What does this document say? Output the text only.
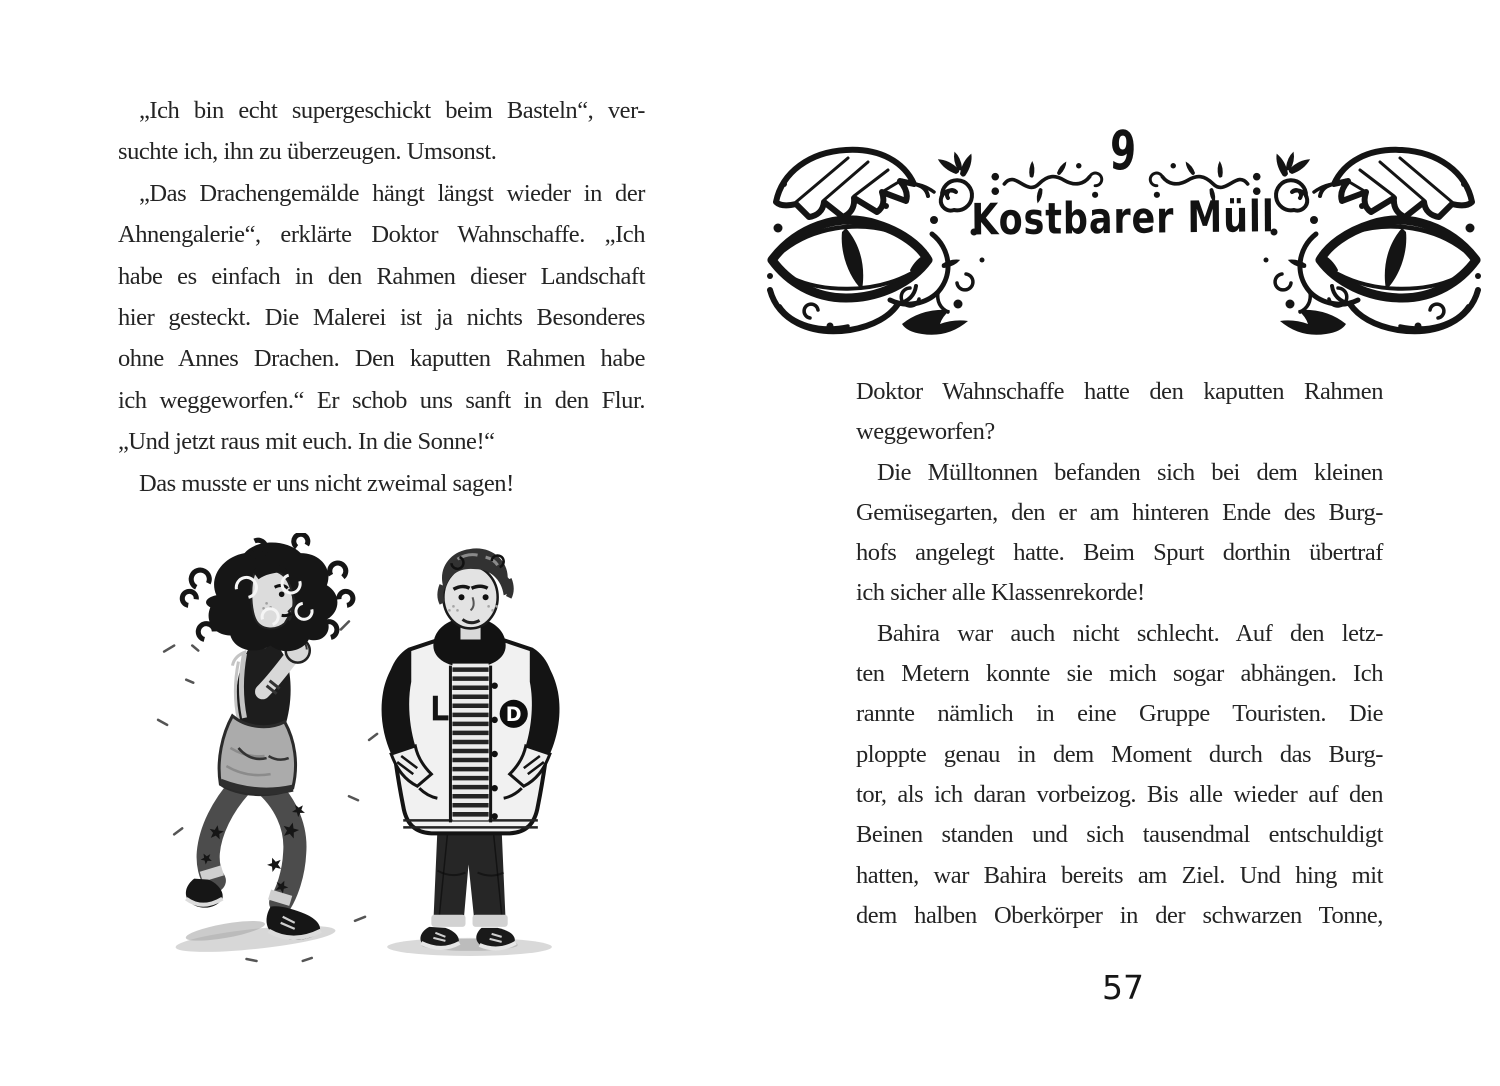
„Ich bin echt supergeschickt beim Basteln“, ver-
suchte ich, ihn zu überzeugen. Umsonst.
„Das Drachengemälde hängt längst wieder in der
Ahnengalerie“, erklärte Doktor Wahnschaffe. „Ich
habe es einfach in den Rahmen dieser Landschaft
hier gesteckt. Die Malerei ist ja nichts Besonderes
ohne Annes Drachen. Den kaputten Rahmen habe
ich weggeworfen.“ Er schob uns sanft in den Flur.
„Und jetzt raus mit euch. In die Sonne!“
Das musste er uns nicht zweimal sagen!
D
9
Kostbarer Müll
Doktor Wahnschaffe hatte den kaputten Rahmen
weggeworfen?
Die Mülltonnen befanden sich bei dem kleinen
Gemüsegarten, den er am hinteren Ende des Burg-
hofs angelegt hatte. Beim Spurt dorthin übertraf
ich sicher alle Klassenrekorde!
Bahira war auch nicht schlecht. Auf den letz-
ten Metern konnte sie mich sogar abhängen. Ich
rannte nämlich in eine Gruppe Touristen. Die
ploppte genau in dem Moment durch das Burg-
tor, als ich daran vorbeizog. Bis alle wieder auf den
Beinen standen und sich tausendmal entschuldigt
hatten, war Bahira bereits am Ziel. Und hing mit
dem halben Oberkörper in der schwarzen Tonne,
57
